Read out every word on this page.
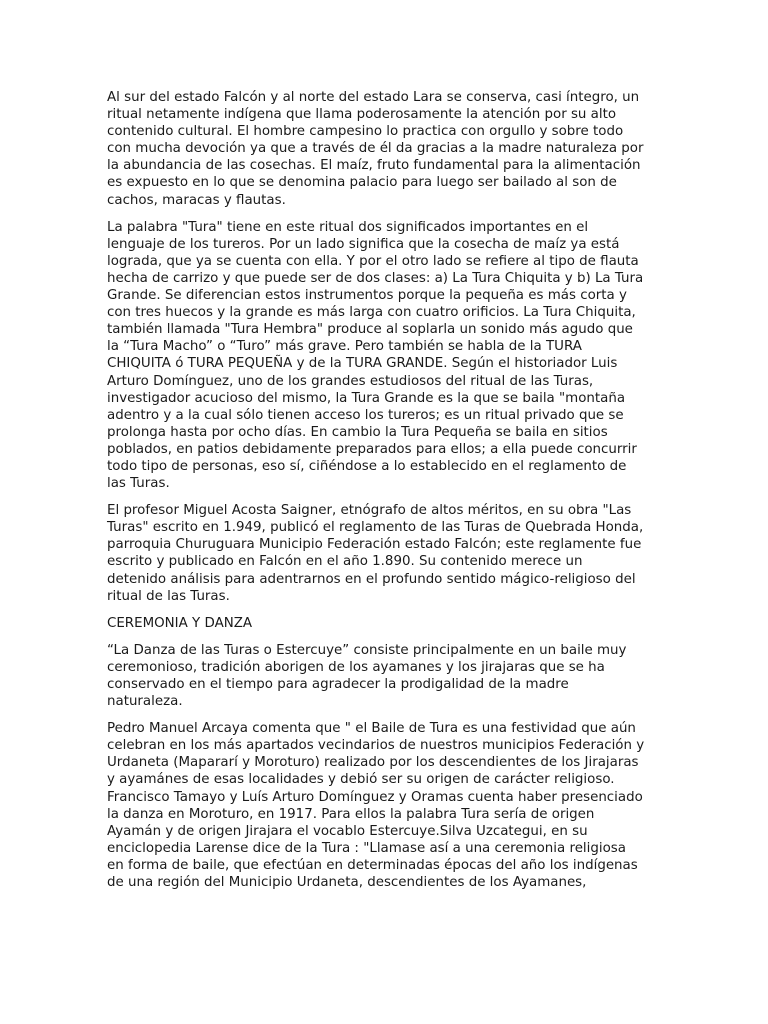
Al sur del estado Falcón y al norte del estado Lara se conserva, casi íntegro, un
ritual netamente indígena que llama poderosamente la atención por su alto
contenido cultural. El hombre campesino lo practica con orgullo y sobre todo
con mucha devoción ya que a través de él da gracias a la madre naturaleza por
la abundancia de las cosechas. El maíz, fruto fundamental para la alimentación
es expuesto en lo que se denomina palacio para luego ser bailado al son de
cachos, maracas y flautas.

La palabra "Tura" tiene en este ritual dos significados importantes en el
lenguaje de los tureros. Por un lado significa que la cosecha de maíz ya está
lograda, que ya se cuenta con ella. Y por el otro lado se refiere al tipo de flauta
hecha de carrizo y que puede ser de dos clases: a) La Tura Chiquita y b) La Tura
Grande. Se diferencian estos instrumentos porque la pequeña es más corta y
con tres huecos y la grande es más larga con cuatro orificios. La Tura Chiquita,
también llamada "Tura Hembra" produce al soplarla un sonido más agudo que
la “Tura Macho” o “Turo” más grave. Pero también se habla de la TURA
CHIQUITA ó TURA PEQUEÑA y de la TURA GRANDE. Según el historiador Luis
Arturo Domínguez, uno de los grandes estudiosos del ritual de las Turas,
investigador acucioso del mismo, la Tura Grande es la que se baila "montaña
adentro y a la cual sólo tienen acceso los tureros; es un ritual privado que se
prolonga hasta por ocho días. En cambio la Tura Pequeña se baila en sitios
poblados, en patios debidamente preparados para ellos; a ella puede concurrir
todo tipo de personas, eso sí, ciñéndose a lo establecido en el reglamento de
las Turas.

El profesor Miguel Acosta Saigner, etnógrafo de altos méritos, en su obra "Las
Turas" escrito en 1.949, publicó el reglamento de las Turas de Quebrada Honda,
parroquia Churuguara Municipio Federación estado Falcón; este reglamente fue
escrito y publicado en Falcón en el año 1.890. Su contenido merece un
detenido análisis para adentrarnos en el profundo sentido mágico-religioso del
ritual de las Turas.

CEREMONIA Y DANZA

“La Danza de las Turas o Estercuye” consiste principalmente en un baile muy
ceremonioso, tradición aborigen de los ayamanes y los jirajaras que se ha
conservado en el tiempo para agradecer la prodigalidad de la madre
naturaleza.

Pedro Manuel Arcaya comenta que " el Baile de Tura es una festividad que aún
celebran en los más apartados vecindarios de nuestros municipios Federación y
Urdaneta (Mapararí y Moroturo) realizado por los descendientes de los Jirajaras
y ayamánes de esas localidades y debió ser su origen de carácter religioso.
Francisco Tamayo y Luís Arturo Domínguez y Oramas cuenta haber presenciado
la danza en Moroturo, en 1917. Para ellos la palabra Tura sería de origen
Ayamán y de origen Jirajara el vocablo Estercuye.Silva Uzcategui, en su
enciclopedia Larense dice de la Tura : "Llamase así a una ceremonia religiosa
en forma de baile, que efectúan en determinadas épocas del año los indígenas
de una región del Municipio Urdaneta, descendientes de los Ayamanes,
